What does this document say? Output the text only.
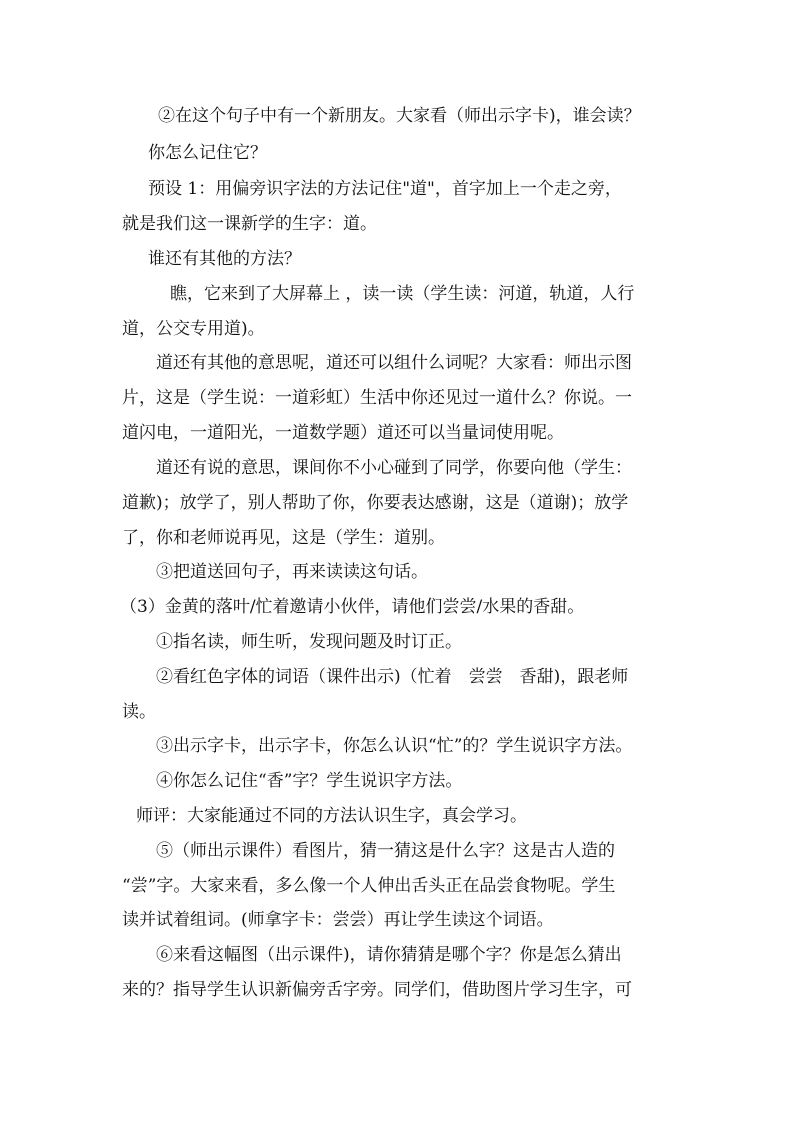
②在这个句子中有一个新朋友。大家看（师出示字卡)，谁会读？
你怎么记住它？
预设 1：用偏旁识字法的方法记住"道"，首字加上一个走之旁，
就是我们这一课新学的生字：道。
谁还有其他的方法？
瞧，它来到了大屏幕上 ，读一读（学生读：河道，轨道，人行
道，公交专用道)。
道还有其他的意思呢，道还可以组什么词呢？大家看：师出示图
片，这是（学生说：一道彩虹）生活中你还见过一道什么？你说。一
道闪电，一道阳光，一道数学题）道还可以当量词使用呢。
道还有说的意思，课间你不小心碰到了同学，你要向他（学生：
道歉)；放学了，别人帮助了你，你要表达感谢，这是（道谢)；放学
了，你和老师说再见，这是（学生：道别。
③把道送回句子，再来读读这句话。
（3）金黄的落叶/忙着邀请小伙伴，请他们尝尝/水果的香甜。
①指名读，师生听，发现问题及时订正。
②看红色字体的词语（课件出示)（忙着　尝尝　香甜)，跟老师
读。
③出示字卡，出示字卡，你怎么认识“忙”的？学生说识字方法。
④你怎么记住“香”字？学生说识字方法。
师评：大家能通过不同的方法认识生字，真会学习。
⑤（师出示课件）看图片，猜一猜这是什么字？这是古人造的
“尝”字。大家来看，多么像一个人伸出舌头正在品尝食物呢。学生
读并试着组词。(师拿字卡：尝尝）再让学生读这个词语。
⑥来看这幅图（出示课件)，请你猜猜是哪个字？你是怎么猜出
来的？指导学生认识新偏旁舌字旁。同学们，借助图片学习生字，可
